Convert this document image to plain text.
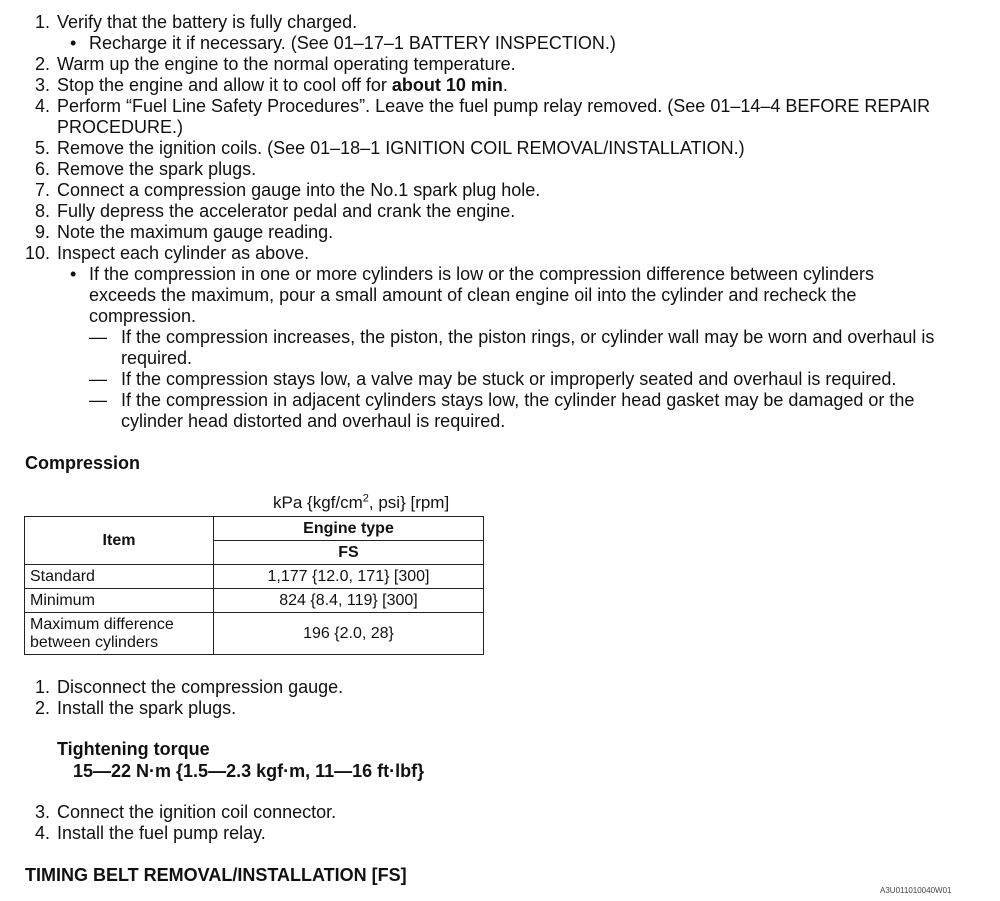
1. Verify that the battery is fully charged.
• Recharge it if necessary. (See 01–17–1 BATTERY INSPECTION.)
2. Warm up the engine to the normal operating temperature.
3. Stop the engine and allow it to cool off for about 10 min.
4. Perform “Fuel Line Safety Procedures”. Leave the fuel pump relay removed. (See 01–14–4 BEFORE REPAIR
PROCEDURE.)
5. Remove the ignition coils. (See 01–18–1 IGNITION COIL REMOVAL/INSTALLATION.)
6. Remove the spark plugs.
7. Connect a compression gauge into the No.1 spark plug hole.
8. Fully depress the accelerator pedal and crank the engine.
9. Note the maximum gauge reading.
10. Inspect each cylinder as above.
• If the compression in one or more cylinders is low or the compression difference between cylinders
exceeds the maximum, pour a small amount of clean engine oil into the cylinder and recheck the
compression.
— If the compression increases, the piston, the piston rings, or cylinder wall may be worn and overhaul is
required.
— If the compression stays low, a valve may be stuck or improperly seated and overhaul is required.
— If the compression in adjacent cylinders stays low, the cylinder head gasket may be damaged or the
cylinder head distorted and overhaul is required.
Compression
kPa {$kgf/cm^2$, psi} [rpm]
Item	Engine type
	FS
Standard	1,177 {12.0, 171} [300]
Minimum	824 {8.4, 119} [300]
Maximum difference
between cylinders	196 {2.0, 28}
1. Disconnect the compression gauge.
2. Install the spark plugs.
Tightening torque
15—22 N·m {1.5—2.3 kgf·m, 11—16 ft·lbf}
3. Connect the ignition coil connector.
4. Install the fuel pump relay.
TIMING BELT REMOVAL/INSTALLATION [FS]
A3U011010040W01
